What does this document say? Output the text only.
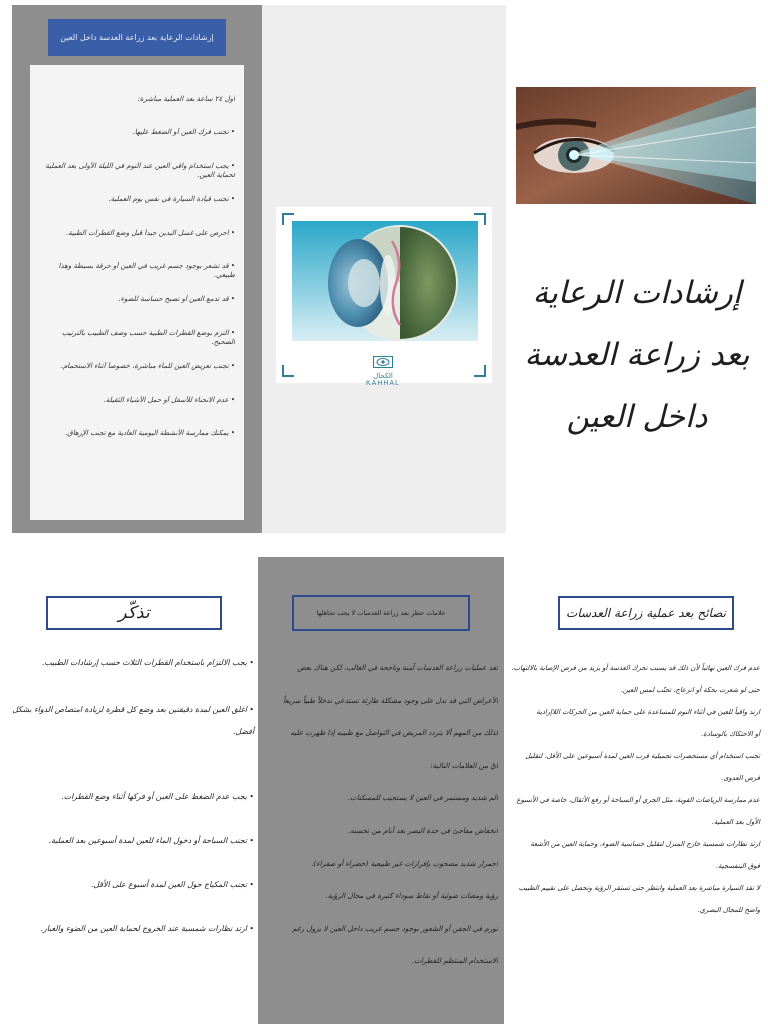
إرشادات الرعاية بعد زراعة العدسة داخل العين

أول ٢٤ ساعة بعد العملية مباشرة:

• تجنب فرك العين أو الضغط عليها.

• يجب استخدام واقي العين عند النوم في الليلة الأولى بعد العملية لحماية العين.

• تجنب قيادة السيارة في نفس يوم العملية.

• احرص على غسل اليدين جيداً قبل وضع القطرات الطبية.

• قد تشعر بوجود جسم غريب في العين أو حرقة بسيطة وهذا طبيعي.

• قد تدمع العين أو تصبح حساسة للضوء.

• التزم بوضع القطرات الطبية حسب وصف الطبيب بالترتيب الصحيح.

• تجنب تعريض العين للماء مباشرة، خصوصاً أثناء الاستحمام.

• عدم الانحناء للأسفل أو حمل الأشياء الثقيلة.

• يمكنك ممارسة الأنشطة اليومية العادية مع تجنب الإرهاق.

الكحال
KAHHAL
إرشادات الرعاية
بعد زراعة العدسة
داخل العين
تذكّر
• يجب الالتزام باستخدام القطرات الثلاث حسب إرشادات الطبيب.
• اغلق العين لمدة دقيقتين بعد وضع كل قطرة لزيادة امتصاص الدواء بشكل أفضل.
• يجب عدم الضغط على العين أو فركها أثناء وضع القطرات.
• تجنب السباحة أو دخول الماء للعين لمدة أسبوعين بعد العملية.
• تجنب المكياج حول العين لمدة أسبوع على الأقل.
• ارتد نظارات شمسية عند الخروج لحماية العين من الضوء والغبار.
علامات خطر بعد زراعة العدسات لا يجب تجاهلها

تُعد عمليات زراعة العدسات آمنة وناجحة في الغالب، لكن هناك بعض

الأعراض التي قد تدل على وجود مشكلة طارئة تستدعي تدخلاً طبياً سريعاً

لذلك من المهم ألا يتردد المريض في التواصل مع طبيبه إذا ظهرت عليه

أيٌ من العلامات التالية:

ألم شديد ومستمر في العين لا يستجيب للمسكنات.

انخفاض مفاجئ في حدة البصر بعد أيام من تحسنه.

احمرار شديد مصحوب بإفرازات غير طبيعية (خضراء أو صفراء).

رؤية ومضات ضوئية أو نقاط سوداء كثيرة في مجال الرؤية.

تورم في الجفن أو الشعور بوجود جسم غريب داخل العين لا يزول رغم

الاستخدام المنتظم للقطرات.

نصائح بعد عملية زراعة العدسات

عدم فرك العين نهائياً لأن ذلك قد يسبب تحرك العدسة أو يزيد من فرص الإصابة بالالتهاب،

حتى لو شعرت بحكة أو انزعاج، تجنّب لمس العين.

ارتد واقياً للعين في أثناء النوم للمساعدة على حماية العين من الحركات اللاإرادية

أو الاحتكاك بالوسادة.

تجنب استخدام أي مستحضرات تجميلية قرب العين لمدة أسبوعين على الأقل، لتقليل

فرص العدوى.

عدم ممارسة الرياضات القوية، مثل الجري أو السباحة أو رفع الأثقال، خاصة في الأسبوع

الأول بعد العملية.

ارتد نظارات شمسية خارج المنزل لتقليل حساسية الضوء، وحماية العين من الأشعة

فوق البنفسجية.

لا تقد السيارة مباشرة بعد العملية وانتظر حتى تستقر الرؤية وتحصل على تقييم الطبيب

واضح للمجال البصري.
